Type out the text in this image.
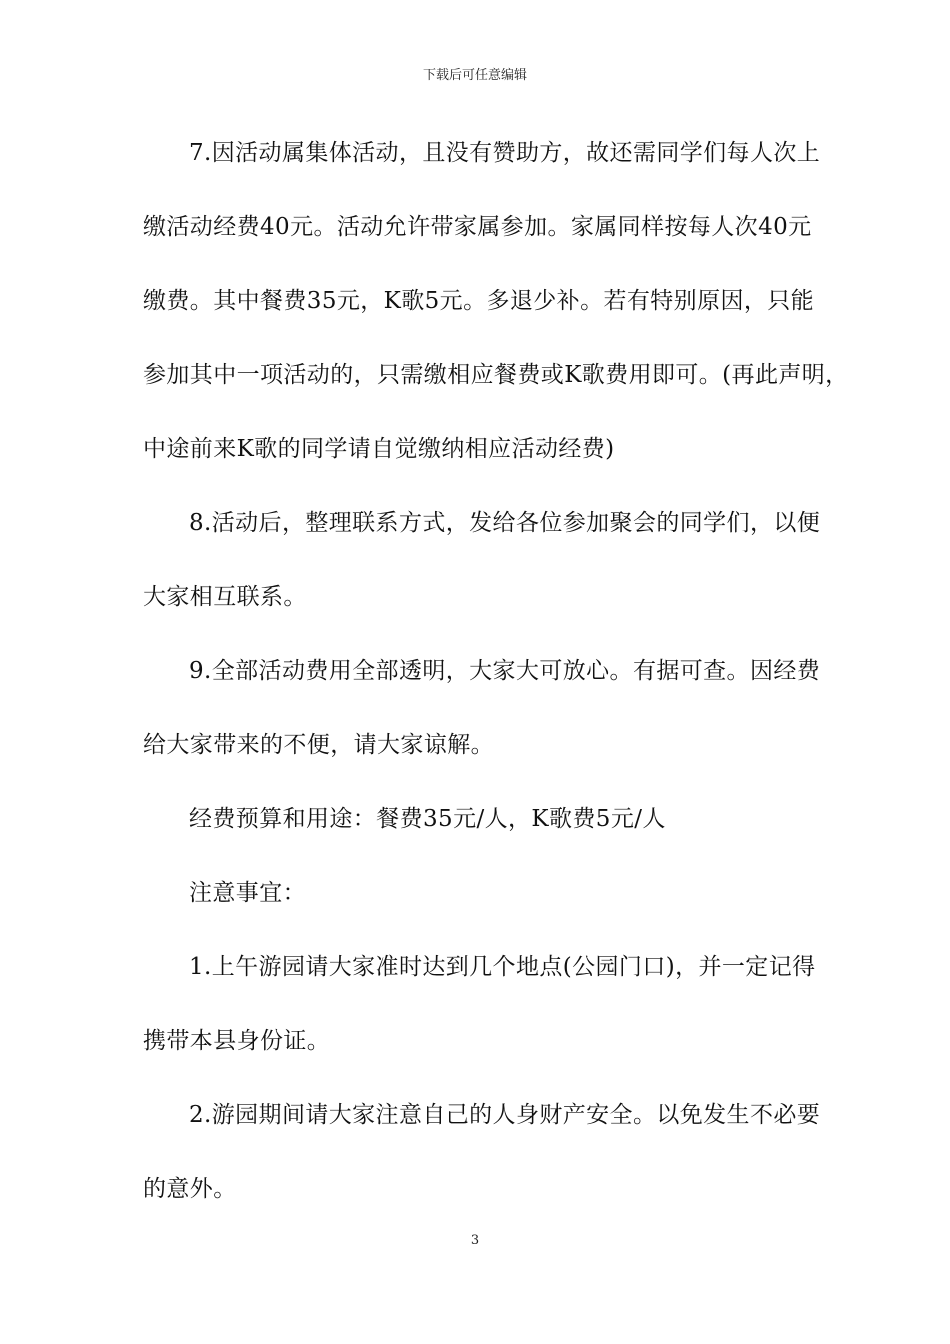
下载后可任意编辑
7.因活动属集体活动，且没有赞助方，故还需同学们每人次上
缴活动经费40元。活动允许带家属参加。家属同样按每人次40元
缴费。其中餐费35元，K歌5元。多退少补。若有特别原因，只能
参加其中一项活动的，只需缴相应餐费或K歌费用即可。(再此声明，
中途前来K歌的同学请自觉缴纳相应活动经费)
8.活动后，整理联系方式，发给各位参加聚会的同学们，以便
大家相互联系。
9.全部活动费用全部透明，大家大可放心。有据可查。因经费
给大家带来的不便，请大家谅解。
经费预算和用途：餐费35元/人，K歌费5元/人
注意事宜：
1.上午游园请大家准时达到几个地点(公园门口)，并一定记得
携带本县身份证。
2.游园期间请大家注意自己的人身财产安全。以免发生不必要
的意外。
3
